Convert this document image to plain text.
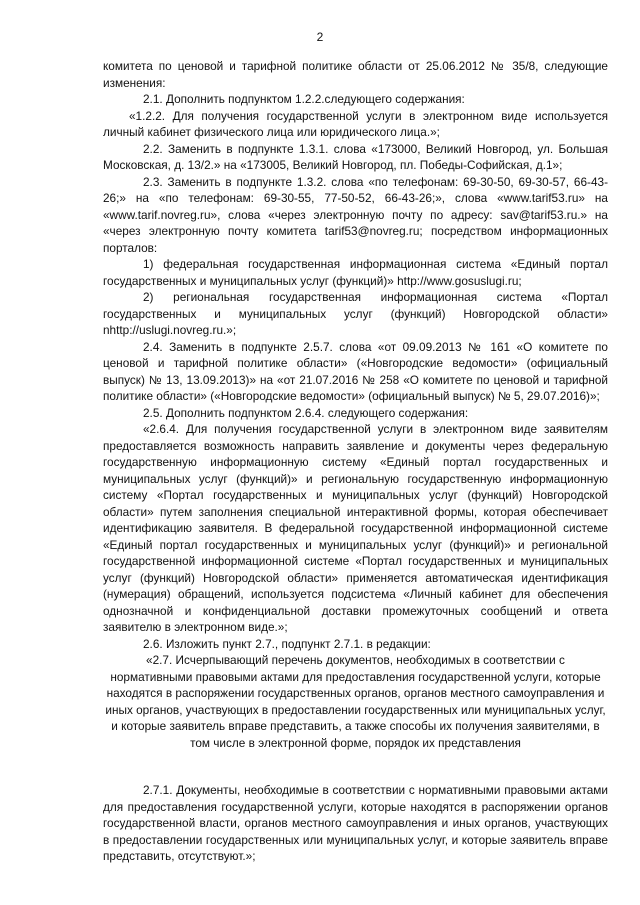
2

комитета по ценовой и тарифной политике области от 25.06.2012 № 35/8, следующие изменения:

2.1. Дополнить подпунктом 1.2.2.следующего содержания:

«1.2.2. Для получения государственной услуги в электронном виде используется личный кабинет физического лица или юридического лица.»;

2.2. Заменить в подпункте 1.3.1. слова «173000, Великий Новгород, ул. Большая Московская, д. 13/2.» на «173005, Великий Новгород, пл. Победы-Софийская, д.1»;

2.3. Заменить в подпункте 1.3.2. слова «по телефонам: 69-30-50, 69-30-57, 66-43-26;» на «по телефонам: 69-30-55, 77-50-52, 66-43-26;», слова «www.tarif53.ru» на «www.tarif.novreg.ru», слова «через электронную почту по адресу: sav@tarif53.ru.» на «через электронную почту комитета tarif53@novreg.ru; посредством информационных порталов:

1) федеральная государственная информационная система «Единый портал государственных и муниципальных услуг (функций)» http://www.gosuslugi.ru;

2) региональная государственная информационная система «Портал государственных и муниципальных услуг (функций) Новгородской области» nhttp://uslugi.novreg.ru.»;

2.4. Заменить в подпункте 2.5.7. слова «от 09.09.2013 № 161 «О комитете по ценовой и тарифной политике области» («Новгородские ведомости» (официальный выпуск) № 13, 13.09.2013)» на «от 21.07.2016 № 258 «О комитете по ценовой и тарифной политике области» («Новгородские ведомости» (официальный выпуск) № 5, 29.07.2016)»;

2.5. Дополнить подпунктом 2.6.4. следующего содержания:

«2.6.4. Для получения государственной услуги в электронном виде заявителям предоставляется возможность направить заявление и документы через федеральную государственную информационную систему «Единый портал государственных и муниципальных услуг (функций)» и региональную государственную информационную систему «Портал государственных и муниципальных услуг (функций) Новгородской области» путем заполнения специальной интерактивной формы, которая обеспечивает идентификацию заявителя. В федеральной государственной информационной системе «Единый портал государственных и муниципальных услуг (функций)» и региональной государственной информационной системе «Портал государственных и муниципальных услуг (функций) Новгородской области» применяется автоматическая идентификация (нумерация) обращений, используется подсистема «Личный кабинет для обеспечения однозначной и конфиденциальной доставки промежуточных сообщений и ответа заявителю в электронном виде.»;

2.6. Изложить пункт 2.7., подпункт 2.7.1. в редакции:

«2.7. Исчерпывающий перечень документов, необходимых в соответствии с нормативными правовыми актами для предоставления государственной услуги, которые находятся в распоряжении государственных органов, органов местного самоуправления и иных органов, участвующих в предоставлении государственных или муниципальных услуг, и которые заявитель вправе представить, а также способы их получения заявителями, в том числе в электронной форме, порядок их представления

2.7.1. Документы, необходимые в соответствии с нормативными правовыми актами для предоставления государственной услуги, которые находятся в распоряжении органов государственной власти, органов местного самоуправления и иных органов, участвующих в предоставлении государственных или муниципальных услуг, и которые заявитель вправе представить, отсутствуют.»;
